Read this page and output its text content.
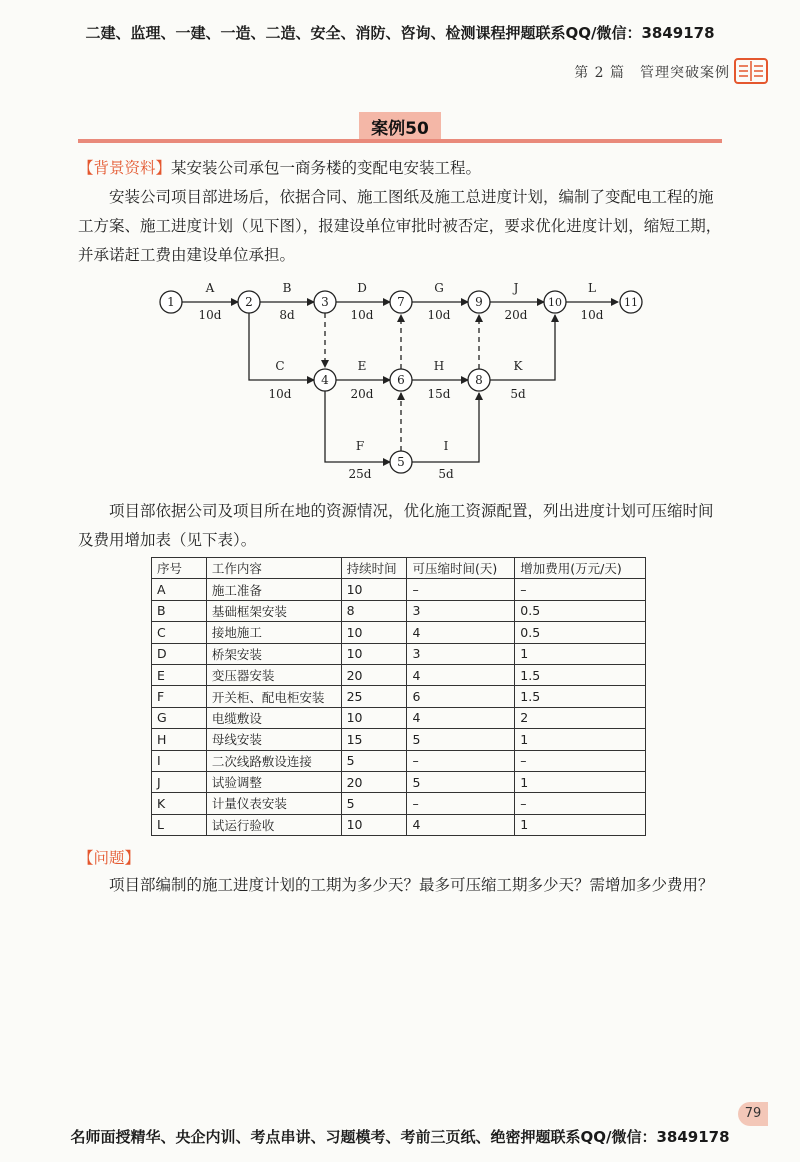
二建、监理、一建、一造、二造、安全、消防、咨询、检测课程押题联系QQ/微信：3849178
第 2 篇　管理突破案例
案例50
【背景资料】某安装公司承包一商务楼的变配电安装工程。
安装公司项目部进场后，依据合同、施工图纸及施工总进度计划，编制了变配电工程的施工方案、施工进度计划（见下图），报建设单位审批时被否定，要求优化进度计划，缩短工期，并承诺赶工费由建设单位承担。
1	2	3
4
5
6
7
8
9	10	11
A
10d
B
8d
C
10d
D
10d
E
20d
F
25d
G
10d
H
15d
I
5d
J
20d
K
5d
L
10d
项目部依据公司及项目所在地的资源情况，优化施工资源配置，列出进度计划可压缩时间及费用增加表（见下表）。
序号	工作内容	持续时间	可压缩时间(天)	增加费用(万元/天)
A	施工准备	10	–	–
B	基础框架安装	8	3	0.5
C	接地施工	10	4	0.5
D	桥架安装	10	3	1
E	变压器安装	20	4	1.5
F	开关柜、配电柜安装	25	6	1.5
G	电缆敷设	10	4	2
H	母线安装	15	5	1
I	二次线路敷设连接	5	–	–
J	试验调整	20	5	1
K	计量仪表安装	5	–	–
L	试运行验收	10	4	1
【问题】
项目部编制的施工进度计划的工期为多少天？最多可压缩工期多少天？需增加多少费用？
79
名师面授精华、央企内训、考点串讲、习题模考、考前三页纸、绝密押题联系QQ/微信：3849178
